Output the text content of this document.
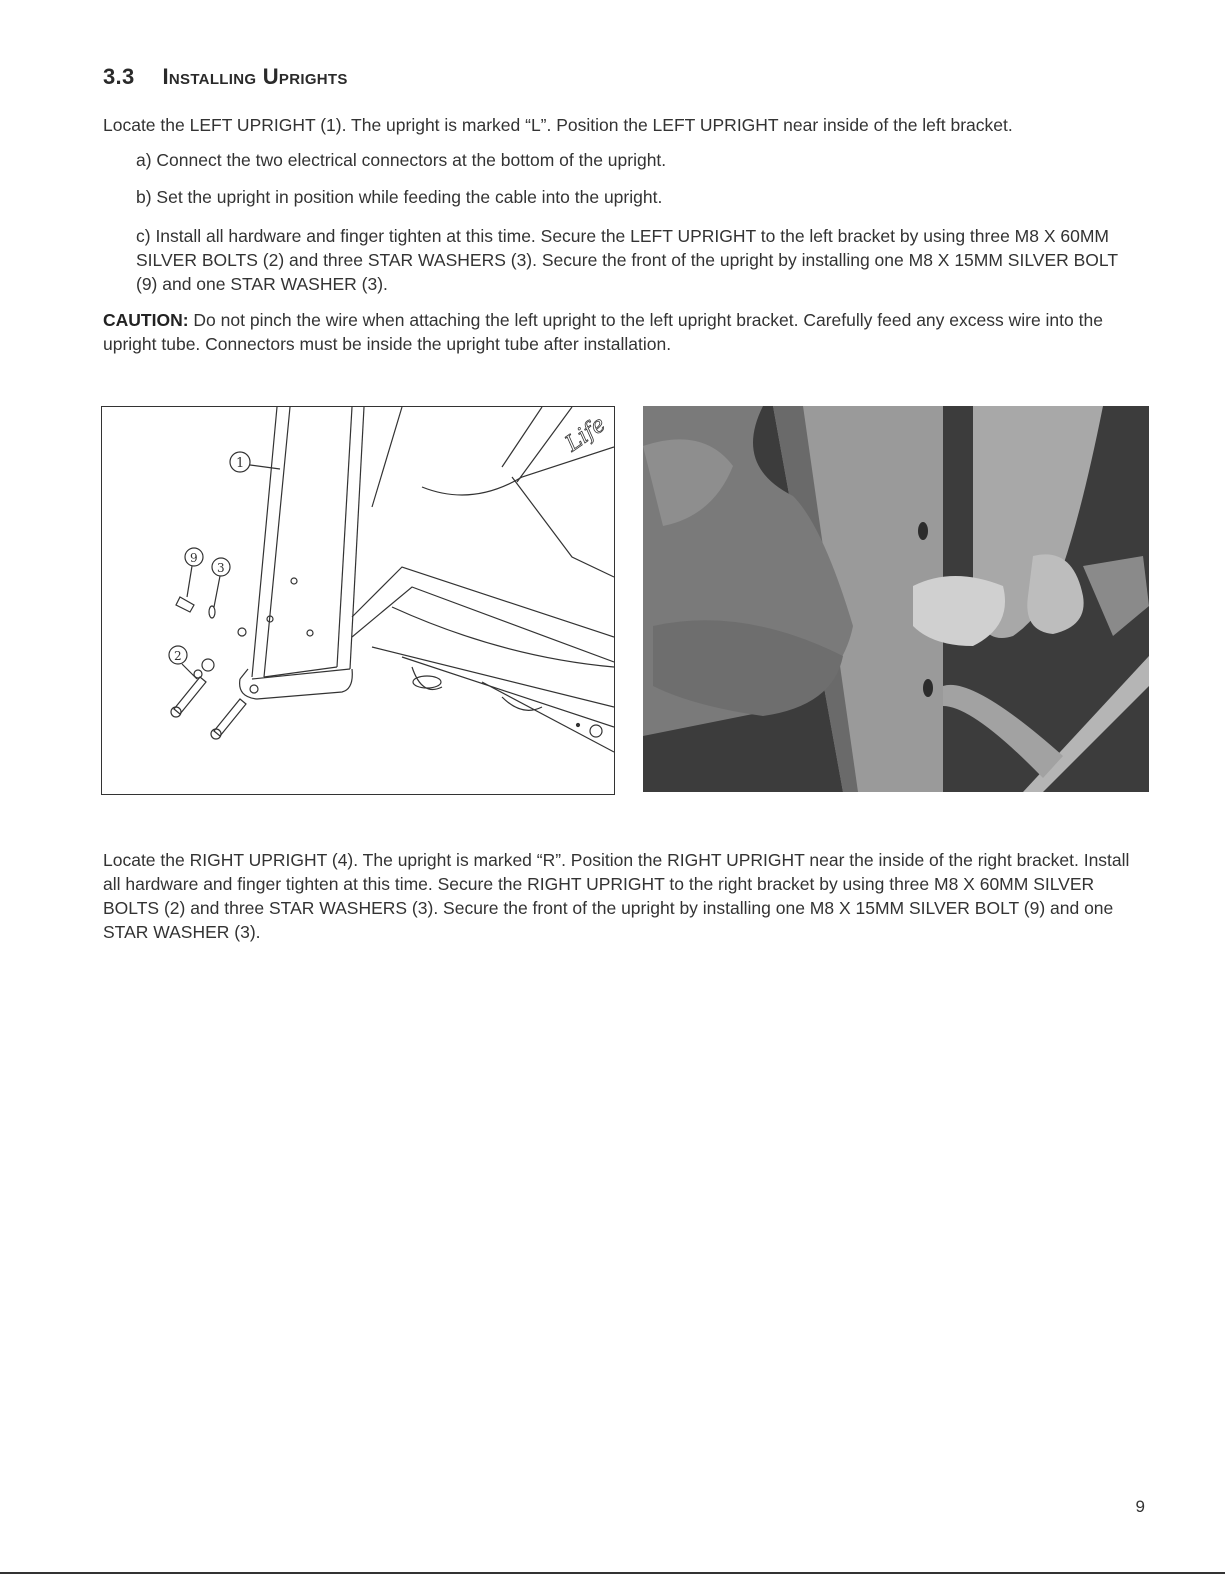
3.3 Installing Uprights

Locate the LEFT UPRIGHT (1). The upright is marked “L”. Position the LEFT UPRIGHT near inside of the left bracket.

a) Connect the two electrical connectors at the bottom of the upright.

b) Set the upright in position while feeding the cable into the upright.

c) Install all hardware and finger tighten at this time. Secure the LEFT UPRIGHT to the left bracket by using three M8 X 60MM SILVER BOLTS (2) and three STAR WASHERS (3). Secure the front of the upright by installing one M8 X 15MM SILVER BOLT (9) and one STAR WASHER (3).

CAUTION: Do not pinch the wire when attaching the left upright to the left upright bracket. Carefully feed any excess wire into the upright tube. Connectors must be inside the upright tube after installation.

Life
1
9
3
2

Locate the RIGHT UPRIGHT (4). The upright is marked “R”. Position the RIGHT UPRIGHT near the inside of the right bracket. Install all hardware and finger tighten at this time. Secure the RIGHT UPRIGHT to the right bracket by using three M8 X 60MM SILVER BOLTS (2) and three STAR WASHERS (3). Secure the front of the upright by installing one M8 X 15MM SILVER BOLT (9) and one STAR WASHER (3).

9
